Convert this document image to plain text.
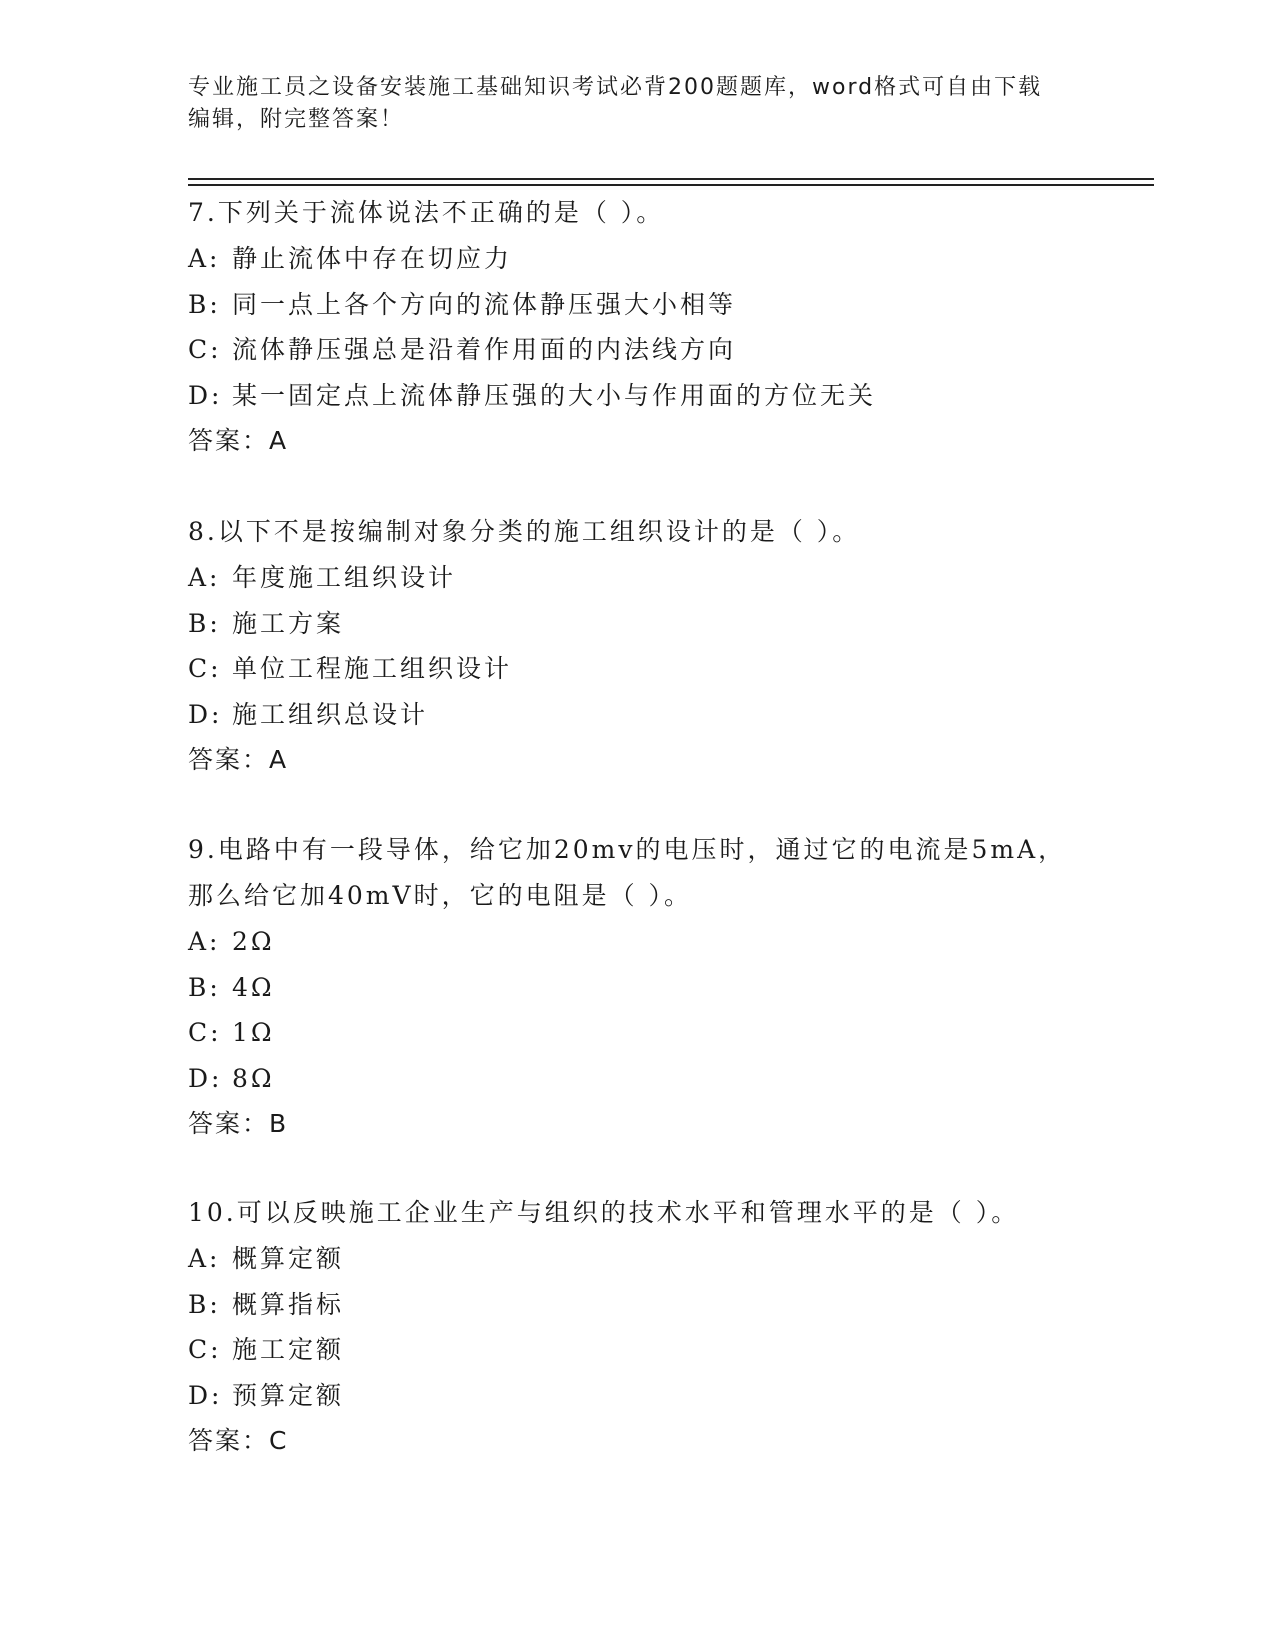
专业施工员之设备安装施工基础知识考试必背200题题库，word格式可自由下载
编辑，附完整答案！
7.下列关于流体说法不正确的是（ ）。
A: 静止流体中存在切应力
B: 同一点上各个方向的流体静压强大小相等
C: 流体静压强总是沿着作用面的内法线方向
D: 某一固定点上流体静压强的大小与作用面的方位无关
答案：A
8.以下不是按编制对象分类的施工组织设计的是（ ）。
A: 年度施工组织设计
B: 施工方案
C: 单位工程施工组织设计
D: 施工组织总设计
答案：A
9.电路中有一段导体，给它加20mv的电压时，通过它的电流是5mA，
那么给它加40mV时，它的电阻是（ ）。
A: 2Ω
B: 4Ω
C: 1Ω
D: 8Ω
答案：B
10.可以反映施工企业生产与组织的技术水平和管理水平的是（ ）。
A: 概算定额
B: 概算指标
C: 施工定额
D: 预算定额
答案：C
